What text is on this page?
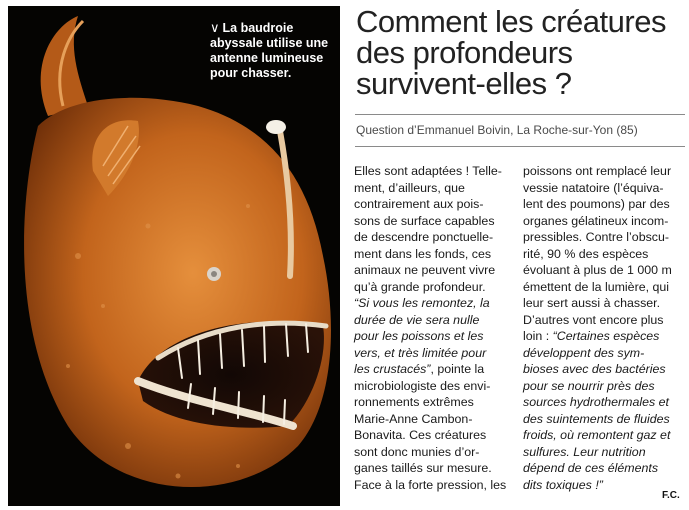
∨ La baudroie abyssale utilise une antenne lumineuse pour chasser.
Comment les créatures des profondeurs survivent-elles ?
Question d’Emmanuel Boivin, La Roche-sur-Yon (85)
Elles sont adaptées ! Telle-
ment, d’ailleurs, que
contrairement aux pois-
sons de surface capables
de descendre ponctuelle-
ment dans les fonds, ces
animaux ne peuvent vivre
qu’à grande profondeur.
“Si vous les remontez, la
durée de vie sera nulle
pour les poissons et les
vers, et très limitée pour
les crustacés”, pointe la
microbiologiste des envi-
ronnements extrêmes
Marie-Anne Cambon-
Bonavita. Ces créatures
sont donc munies d’or-
ganes taillés sur mesure.
Face à la forte pression, les
poissons ont remplacé leur
vessie natatoire (l’équiva-
lent des poumons) par des
organes gélatineux incom-
pressibles. Contre l’obscu-
rité, 90 % des espèces
évoluant à plus de 1 000 m
émettent de la lumière, qui
leur sert aussi à chasser.
D’autres vont encore plus
loin : “Certaines espèces
développent des sym-
bioses avec des bactéries
pour se nourrir près des
sources hydrothermales et
des suintements de fluides
froids, où remontent gaz et
sulfures. Leur nutrition
dépend de ces éléments
dits toxiques !”
F.C.
